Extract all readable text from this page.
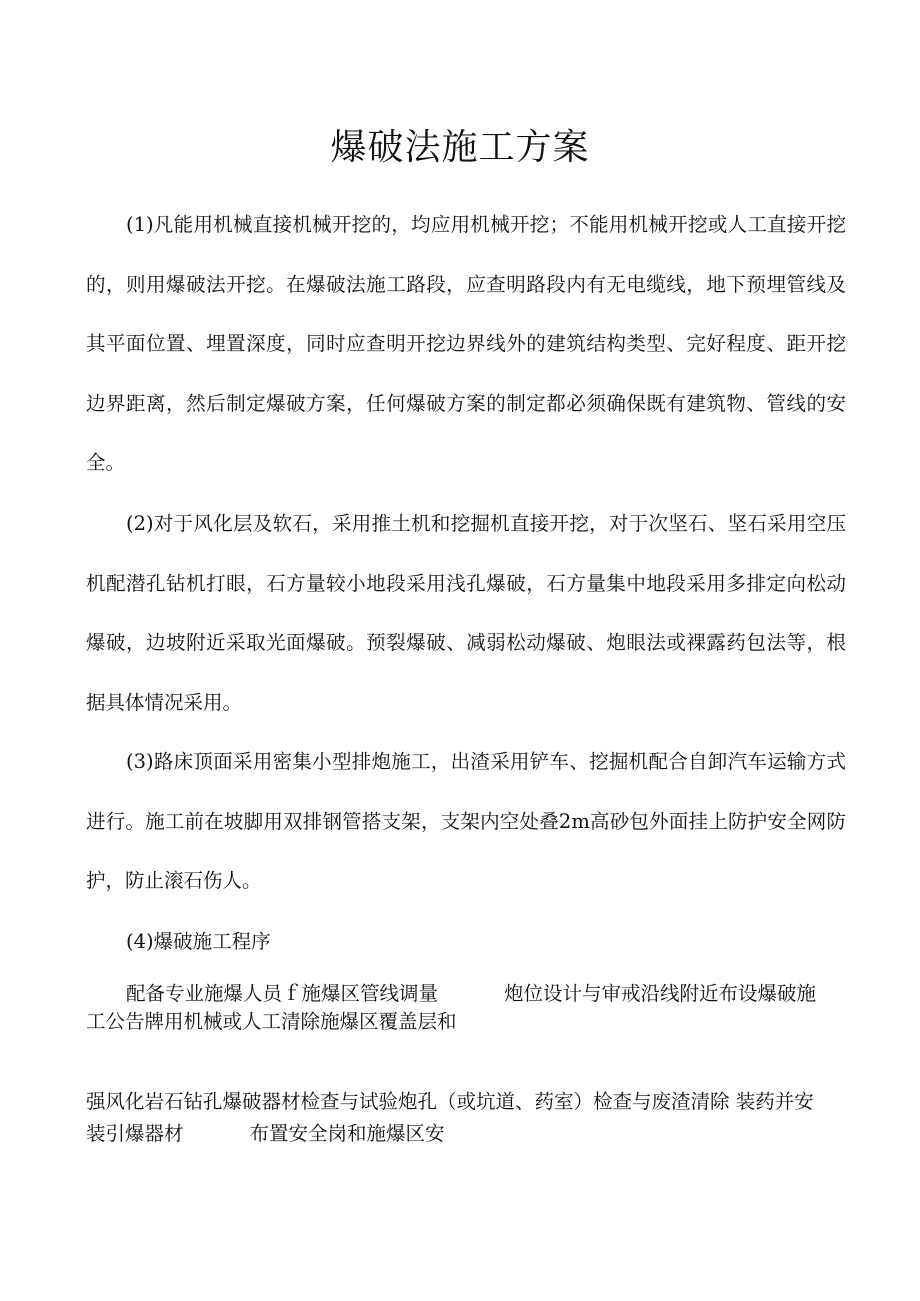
爆破法施工方案

(1)凡能用机械直接机械开挖的，均应用机械开挖；不能用机械开挖或人工直接开挖的，则用爆破法开挖。在爆破法施工路段，应查明路段内有无电缆线，地下预埋管线及其平面位置、埋置深度，同时应查明开挖边界线外的建筑结构类型、完好程度、距开挖边界距离，然后制定爆破方案，任何爆破方案的制定都必须确保既有建筑物、管线的安全。

(2)对于风化层及软石，采用推土机和挖掘机直接开挖，对于次坚石、坚石采用空压机配潜孔钻机打眼，石方量较小地段采用浅孔爆破，石方量集中地段采用多排定向松动爆破，边坡附近采取光面爆破。预裂爆破、减弱松动爆破、炮眼法或裸露药包法等，根据具体情况采用。

(3)路床顶面采用密集小型排炮施工，出渣采用铲车、挖掘机配合自卸汽车运输方式进行。施工前在坡脚用双排钢管搭支架，支架内空处叠2m高砂包外面挂上防护安全网防护，防止滚石伤人。

(4)爆破施工程序

配备专业施爆人员ｆ施爆区管线调量	炮位设计与审戒沿线附近布设爆破施

工公告牌用机械或人工清除施爆区覆盖层和

强风化岩石钻孔爆破器材检查与试验炮孔（或坑道、药室）检查与废渣清除 装药并安

装引爆器材	布置安全岗和施爆区安
